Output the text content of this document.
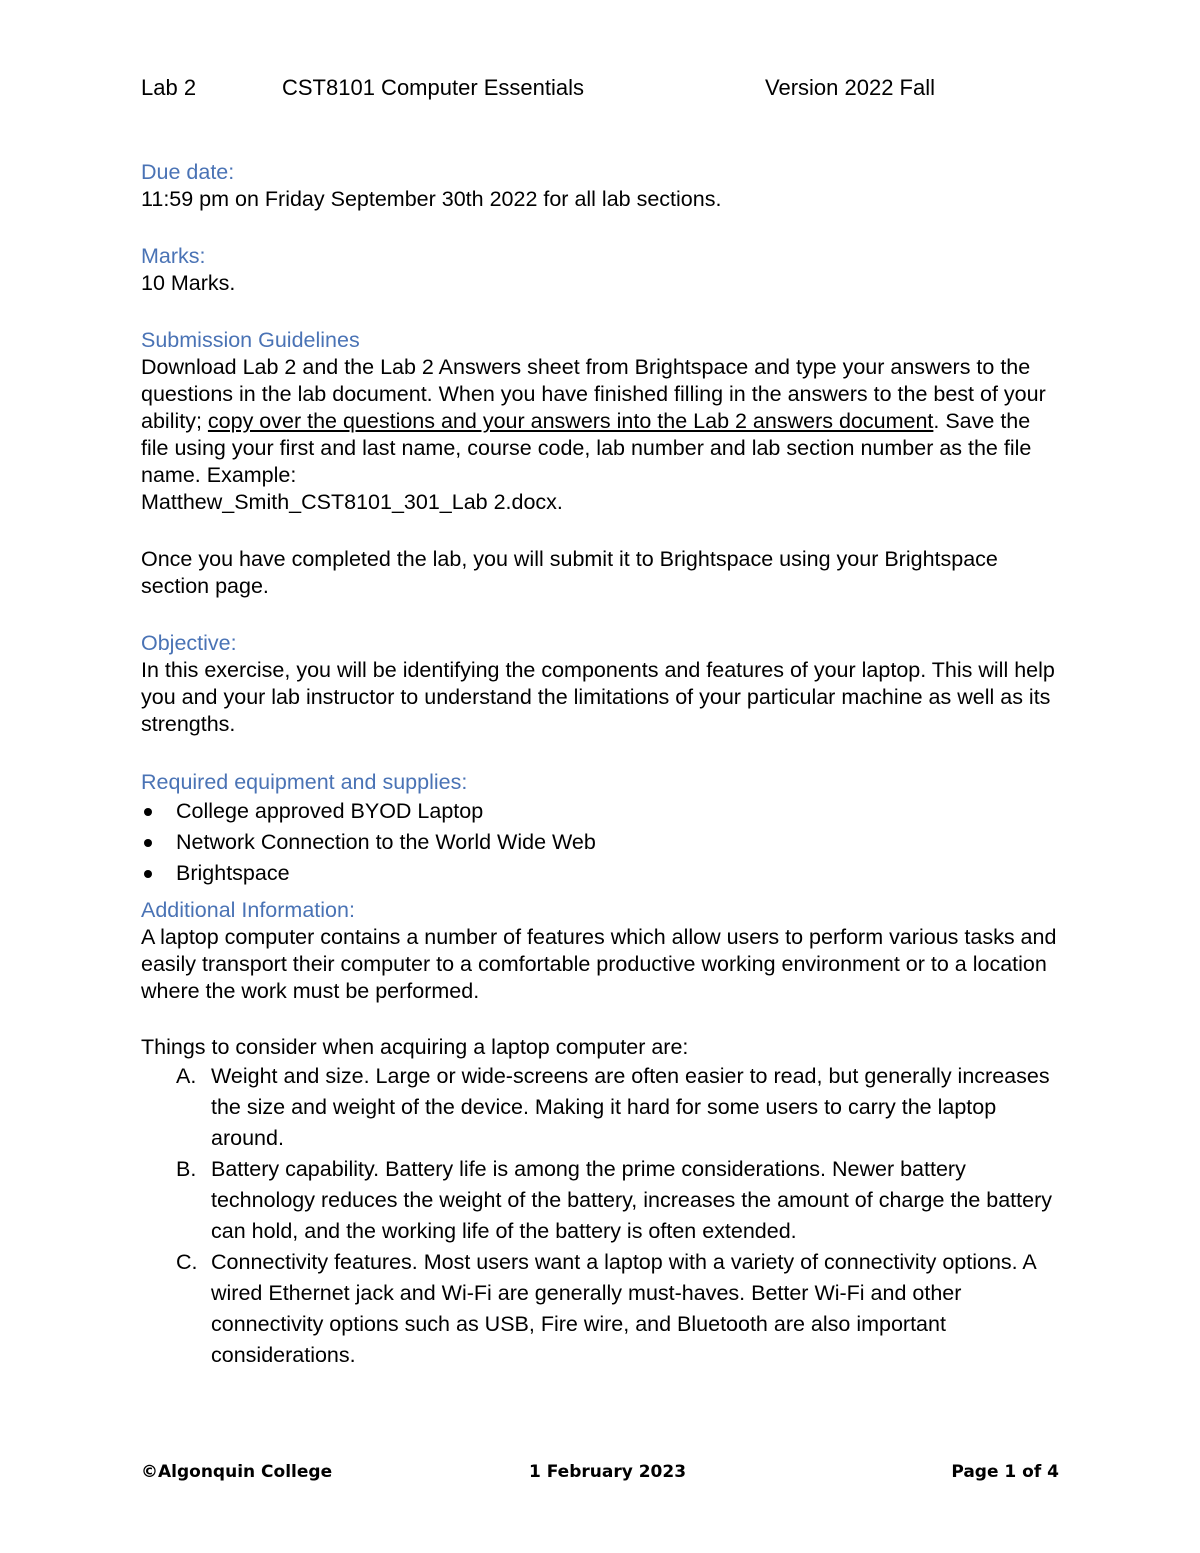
Lab 2	CST8101 Computer Essentials	Version 2022 Fall
Due date:

11:59 pm on Friday September 30th 2022 for all lab sections.

Marks:

10 Marks.

Submission Guidelines

Download Lab 2 and the Lab 2 Answers sheet from Brightspace and type your answers to the questions in the lab document. When you have finished filling in the answers to the best of your ability; copy over the questions and your answers into the Lab 2 answers document. Save the file using your first and last name, course code, lab number and lab section number as the file name. Example:
Matthew_Smith_CST8101_301_Lab 2.docx.

Once you have completed the lab, you will submit it to Brightspace using your Brightspace section page.

Objective:

In this exercise, you will be identifying the components and features of your laptop. This will help you and your lab instructor to understand the limitations of your particular machine as well as its strengths.

Required equipment and supplies:
College approved BYOD Laptop
Network Connection to the World Wide Web
Brightspace
Additional Information:

A laptop computer contains a number of features which allow users to perform various tasks and easily transport their computer to a comfortable productive working environment or to a location where the work must be performed.

Things to consider when acquiring a laptop computer are:

A. Weight and size. Large or wide-screens are often easier to read, but generally increases the size and weight of the device. Making it hard for some users to carry the laptop around.
B. Battery capability. Battery life is among the prime considerations. Newer battery technology reduces the weight of the battery, increases the amount of charge the battery can hold, and the working life of the battery is often extended.
C. Connectivity features. Most users want a laptop with a variety of connectivity options. A wired Ethernet jack and Wi-Fi are generally must-haves. Better Wi-Fi and other connectivity options such as USB, Fire wire, and Bluetooth are also important considerations.
©Algonquin College	1 February 2023	Page 1 of 4
